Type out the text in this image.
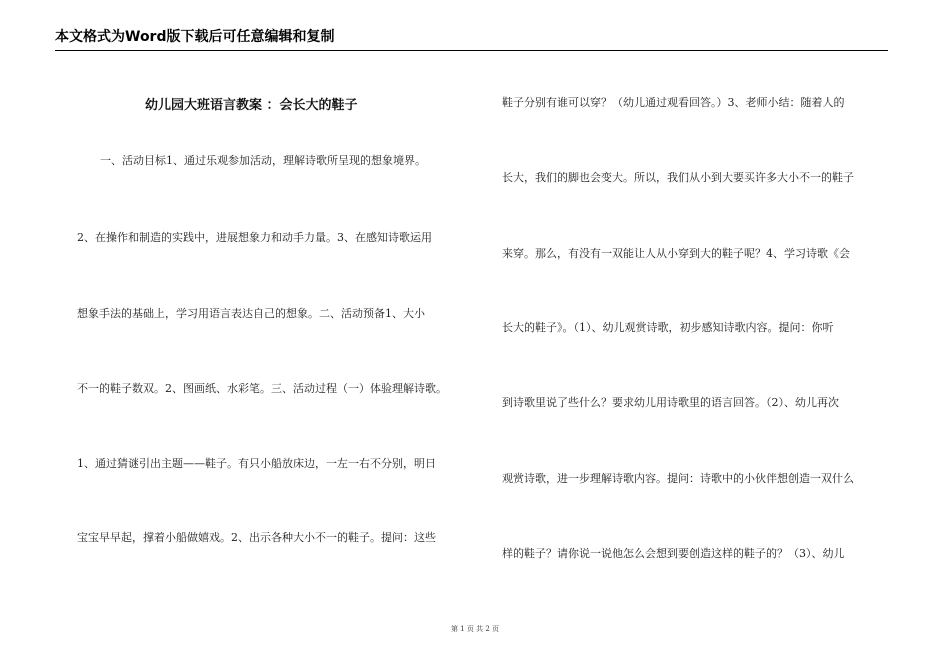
本文格式为Word版下载后可任意编辑和复制
幼儿园大班语言教案 ：会长大的鞋子
一、活动目标1、通过乐观参加活动，理解诗歌所呈现的想象境界。
2、在操作和制造的实践中，进展想象力和动手力量。3、在感知诗歌运用
想象手法的基础上，学习用语言表达自己的想象。二、活动预备1、大小
不一的鞋子数双。2、图画纸、水彩笔。三、活动过程（一）体验理解诗歌。
1、通过猜谜引出主题——鞋子。有只小船放床边，一左一右不分别，明日
宝宝早早起，撑着小船做嬉戏。2、出示各种大小不一的鞋子。提问：这些
鞋子分别有谁可以穿？（幼儿通过观看回答。）3、老师小结：随着人的
长大，我们的脚也会变大。所以，我们从小到大要买许多大小不一的鞋子
来穿。那么，有没有一双能让人从小穿到大的鞋子呢？4、学习诗歌《会
长大的鞋子》。（1）、幼儿观赏诗歌，初步感知诗歌内容。提问：你听
到诗歌里说了些什么？要求幼儿用诗歌里的语言回答。（2）、幼儿再次
观赏诗歌，进一步理解诗歌内容。提问：诗歌中的小伙伴想创造一双什么
样的鞋子？请你说一说他怎么会想到要创造这样的鞋子的？（3）、幼儿
第 1 页 共 2 页
